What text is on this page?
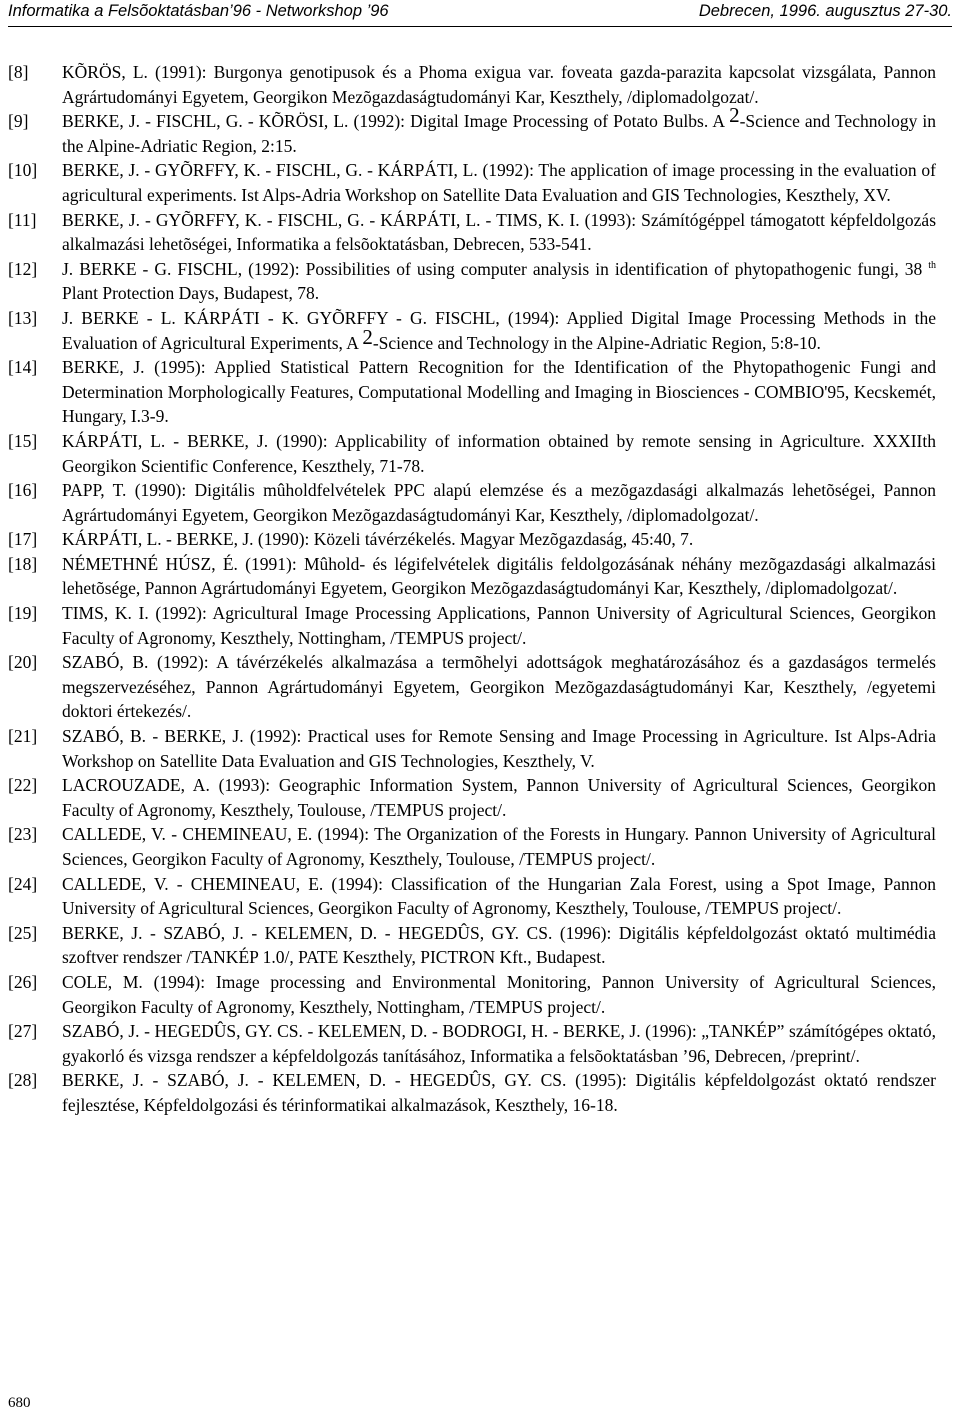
Informatika a Felsõoktatásban’96 - Networkshop ’96	Debrecen, 1996. augusztus 27-30.
[8]	KÕRÖS, L. (1991): Burgonya genotipusok és a Phoma exigua var. foveata gazda-parazita kapcsolat vizsgálata, Pannon Agrártudományi Egyetem, Georgikon Mezõgazdaságtudományi Kar, Keszthely, /diplomadolgozat/.
[9]	BERKE, J. - FISCHL, G. - KÕRÖSI, L. (1992): Digital Image Processing of Potato Bulbs. A 2-Science and Technology in the Alpine-Adriatic Region, 2:15.
[10]	BERKE, J. - GYÕRFFY, K. - FISCHL, G. - KÁRPÁTI, L. (1992): The application of image processing in the evaluation of agricultural experiments. Ist Alps-Adria Workshop on Satellite Data Evaluation and GIS Technologies, Keszthely, XV.
[11]	BERKE, J. - GYÕRFFY, K. - FISCHL, G. - KÁRPÁTI, L. - TIMS, K. I. (1993): Számítógéppel támogatott képfeldolgozás alkalmazási lehetõségei, Informatika a felsõoktatásban, Debrecen, 533-541.
[12]	J. BERKE - G. FISCHL, (1992): Possibilities of using computer analysis in identification of phytopathogenic fungi, 38 $^{th}$ Plant Protection Days, Budapest, 78.
[13]	J. BERKE - L. KÁRPÁTI - K. GYÕRFFY - G. FISCHL, (1994): Applied Digital Image Processing Methods in the Evaluation of Agricultural Experiments, A 2-Science and Technology in the Alpine-Adriatic Region, 5:8-10.
[14]	BERKE, J. (1995): Applied Statistical Pattern Recognition for the Identification of the Phytopathogenic Fungi and Determination Morphologically Features, Computational Modelling and Imaging in Biosciences - COMBIO'95, Kecskemét, Hungary, I.3-9.
[15]	KÁRPÁTI, L. - BERKE, J. (1990): Applicability of information obtained by remote sensing in Agriculture. XXXIIth Georgikon Scientific Conference, Keszthely, 71-78.
[16]	PAPP, T. (1990): Digitális mûholdfelvételek PPC alapú elemzése és a mezõgazdasági alkalmazás lehetõségei, Pannon Agrártudományi Egyetem, Georgikon Mezõgazdaságtudományi Kar, Keszthely, /diplomadolgozat/.
[17]	KÁRPÁTI, L. - BERKE, J. (1990): Közeli távérzékelés. Magyar Mezõgazdaság, 45:40, 7.
[18]	NÉMETHNÉ HÚSZ, É. (1991): Mûhold- és légifelvételek digitális feldolgozásának néhány mezõgazdasági alkalmazási lehetõsége, Pannon Agrártudományi Egyetem, Georgikon Mezõgazdaságtudományi Kar, Keszthely, /diplomadolgozat/.
[19]	TIMS, K. I. (1992): Agricultural Image Processing Applications, Pannon University of Agricultural Sciences, Georgikon Faculty of Agronomy, Keszthely, Nottingham, /TEMPUS project/.
[20]	SZABÓ, B. (1992): A távérzékelés alkalmazása a termõhelyi adottságok meghatározásához és a gazdaságos termelés megszervezéséhez, Pannon Agrártudományi Egyetem, Georgikon Mezõgazdaságtudományi Kar, Keszthely, /egyetemi doktori értekezés/.
[21]	SZABÓ, B. - BERKE, J. (1992): Practical uses for Remote Sensing and Image Processing in Agriculture. Ist Alps-Adria Workshop on Satellite Data Evaluation and GIS Technologies, Keszthely, V.
[22]	LACROUZADE, A. (1993): Geographic Information System, Pannon University of Agricultural Sciences, Georgikon Faculty of Agronomy, Keszthely, Toulouse, /TEMPUS project/.
[23]	CALLEDE, V. - CHEMINEAU, E. (1994): The Organization of the Forests in Hungary. Pannon University of Agricultural Sciences, Georgikon Faculty of Agronomy, Keszthely, Toulouse, /TEMPUS project/.
[24]	CALLEDE, V. - CHEMINEAU, E. (1994): Classification of the Hungarian Zala Forest, using a Spot Image, Pannon University of Agricultural Sciences, Georgikon Faculty of Agronomy, Keszthely, Toulouse, /TEMPUS project/.
[25]	BERKE, J. - SZABÓ, J. - KELEMEN, D. - HEGEDÛS, GY. CS. (1996): Digitális képfeldolgozást oktató multimédia szoftver rendszer /TANKÉP 1.0/, PATE Keszthely, PICTRON Kft., Budapest.
[26]	COLE, M. (1994): Image processing and Environmental Monitoring, Pannon University of Agricultural Sciences, Georgikon Faculty of Agronomy, Keszthely, Nottingham, /TEMPUS project/.
[27]	SZABÓ, J. - HEGEDÛS, GY. CS. - KELEMEN, D. - BODROGI, H. - BERKE, J. (1996): „TANKÉP” számítógépes oktató, gyakorló és vizsga rendszer a képfeldolgozás tanításához, Informatika a felsõoktatásban ’96, Debrecen, /preprint/.
[28]	BERKE, J. - SZABÓ, J. - KELEMEN, D. - HEGEDÛS, GY. CS. (1995): Digitális képfeldolgozást oktató rendszer fejlesztése, Képfeldolgozási és térinformatikai alkalmazások, Keszthely, 16-18.
680
